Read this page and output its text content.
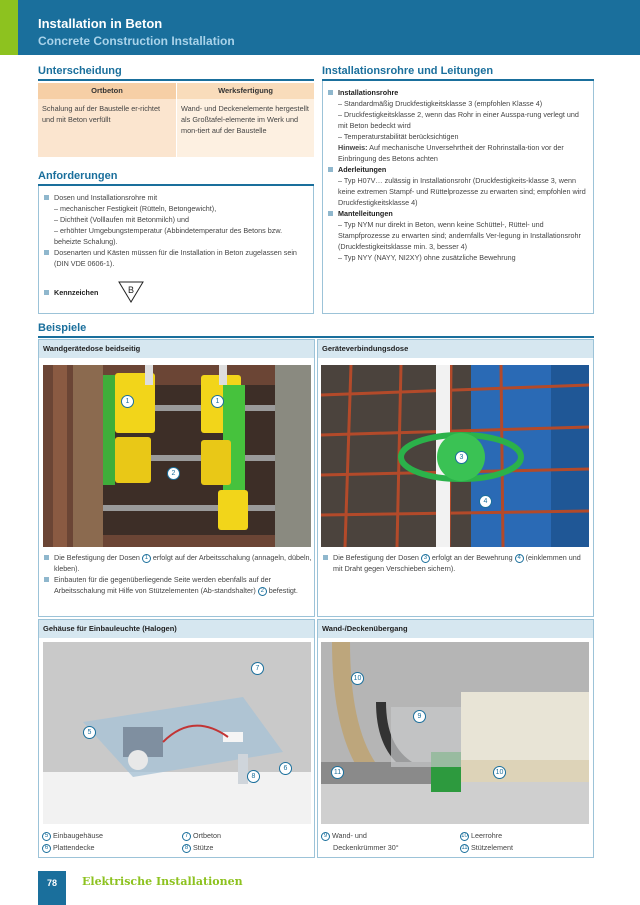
Installation in Beton
Concrete Construction Installation
Unterscheidung
Ortbeton	Werksfertigung
Schalung auf der Baustelle er-richtet und mit Beton verfüllt
Wand- und Deckenelemente hergestellt als Großtafel-elemente im Werk und mon-tiert auf der Baustelle
Anforderungen
Dosen und Installationsrohre mit
– mechanischer Festigkeit (Rütteln, Betongewicht),
– Dichtheit (Volllaufen mit Betonmilch) und
– erhöhter Umgebungstemperatur (Abbindetemperatur des Betons bzw. beheizte Schalung).
Dosenarten und Kästen müssen für die Installation in Beton zugelassen sein (DIN VDE 0606-1).
Kennzeichen	B
Installationsrohre und Leitungen
Installationsrohre
– Standardmäßig Druckfestigkeitsklasse 3 (empfohlen Klasse 4)
– Druckfestigkeitsklasse 2, wenn das Rohr in einer Ausspa-rung verlegt und mit Beton bedeckt wird
– Temperaturstabilität berücksichtigen
Hinweis: Auf mechanische Unversehrtheit der Rohrinstalla-tion vor der Einbringung des Betons achten
Aderleitungen
– Typ H07V… zulässig in Installationsrohr (Druckfestigkeits-klasse 3, wenn keine extremen Stampf- und Rüttelprozesse zu erwarten sind; empfohlen wird Druckfestigkeitsklasse 4)
Mantelleitungen
– Typ NYM nur direkt in Beton, wenn keine Schüttel-, Rüttel- und Stampfprozesse zu erwarten sind; andernfalls Ver-legung in Installationsrohr (Druckfestigkeitsklasse min. 3, besser 4)
– Typ NYY (NAYY, NI2XY) ohne zusätzliche Bewehrung
Beispiele
Wandgerätedose beidseitig
1	1
2
Die Befestigung der Dosen 1 erfolgt auf der Arbeitsschalung (annageln, dübeln, kleben).
Einbauten für die gegenüberliegende Seite werden ebenfalls auf der Arbeitsschalung mit Hilfe von Stützelementen (Ab-standshalter) 2 befestigt.
Geräteverbindungsdose
3
4
Die Befestigung der Dosen 3 erfolgt an der Bewehrung 4 (einklemmen und mit Draht gegen Verschieben sichern).
Gehäuse für Einbauleuchte (Halogen)
7
5
6
8
5 Einbaugehäuse	7 Ortbeton
6 Plattendecke	8 Stütze
Wand-/Deckenübergang
10
9
11	10
9 Wand- und
Deckenkrümmer 30°
10 Leerrohre
11 Stützelement
78	Elektrische Installationen
